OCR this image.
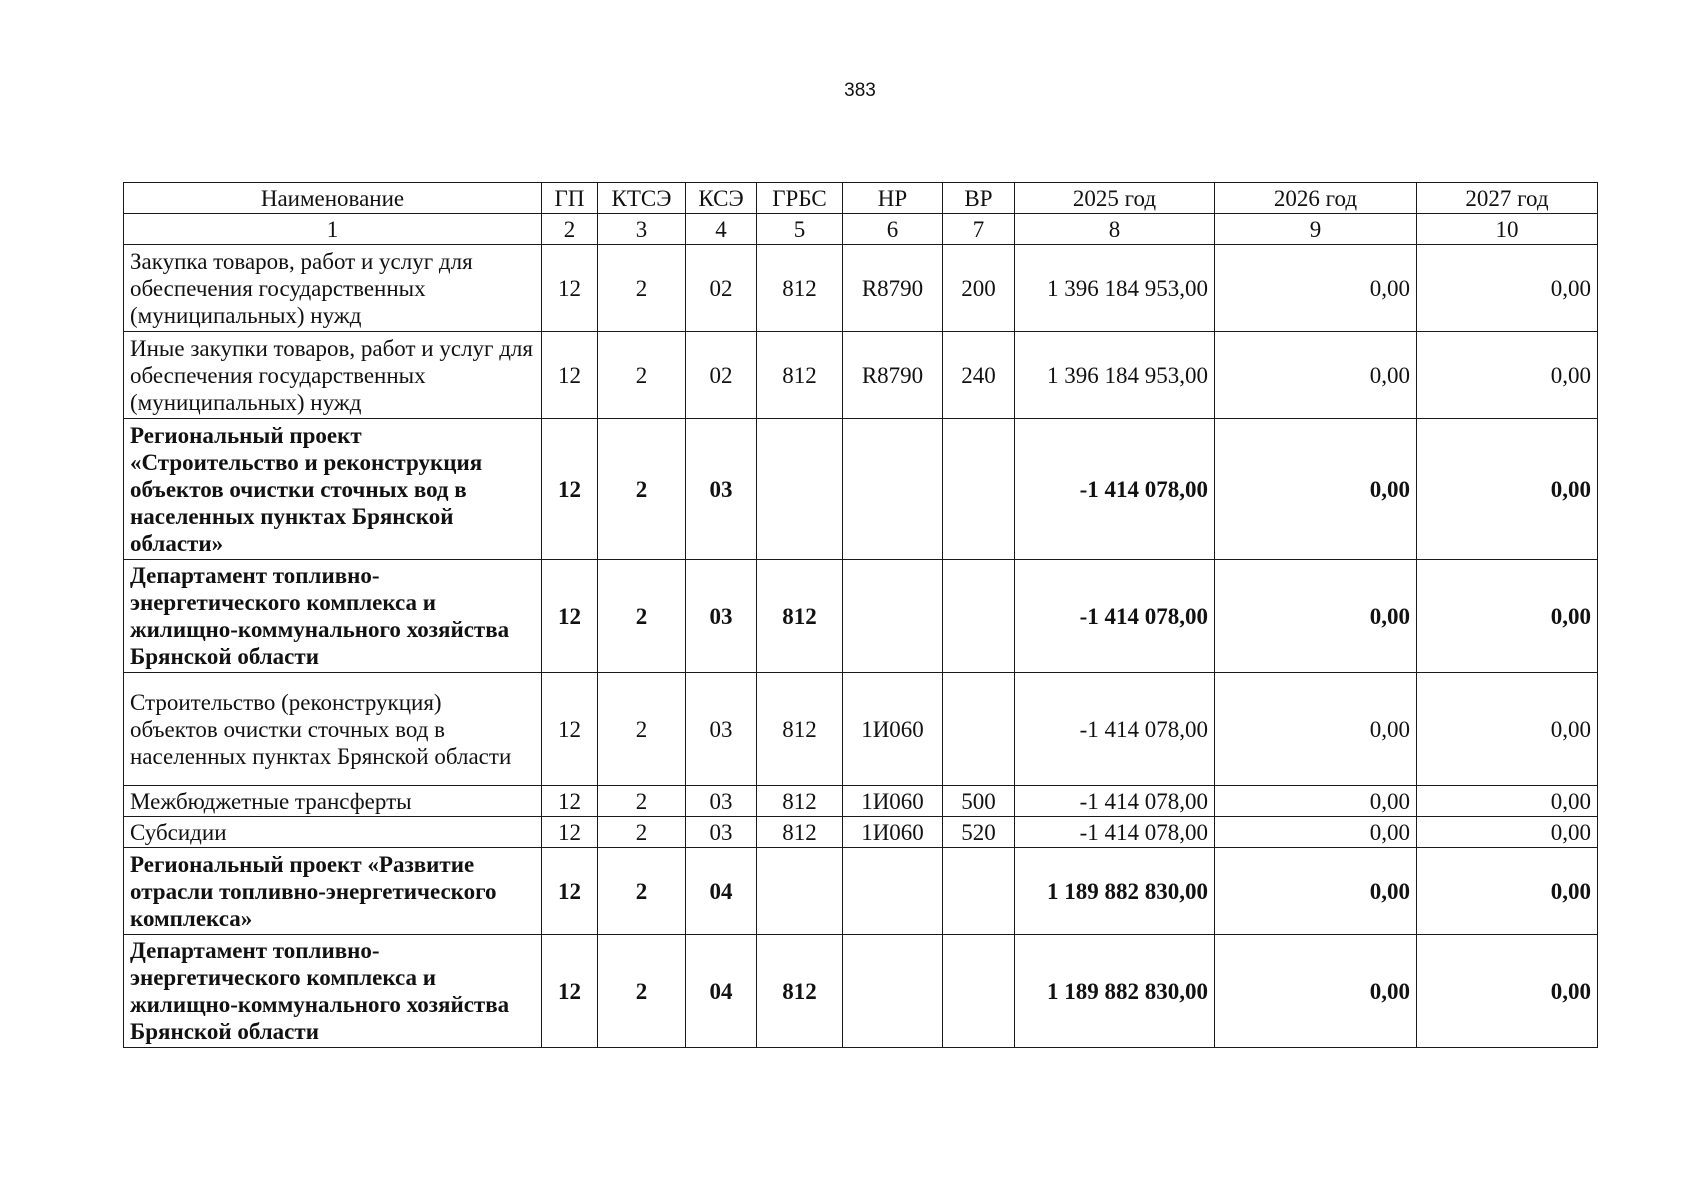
383
Наименование	ГП	КТСЭ	КСЭ	ГРБС	НР	ВР	2025 год	2026 год	2027 год
1	2	3	4	5	6	7	8	9	10
Закупка товаров, работ и услуг для обеспечения государственных (муниципальных) нужд	12	2	02	812	R8790	200	1 396 184 953,00	0,00	0,00
Иные закупки товаров, работ и услуг для обеспечения государственных (муниципальных) нужд	12	2	02	812	R8790	240	1 396 184 953,00	0,00	0,00
Региональный проект «Строительство и реконструкция объектов очистки сточных вод в населенных пунктах Брянской области»	12	2	03				-1 414 078,00	0,00	0,00
Департамент топливно-энергетического комплекса и жилищно-коммунального хозяйства Брянской области	12	2	03	812			-1 414 078,00	0,00	0,00
Строительство (реконструкция) объектов очистки сточных вод в населенных пунктах Брянской области	12	2	03	812	1И060		-1 414 078,00	0,00	0,00
Межбюджетные трансферты	12	2	03	812	1И060	500	-1 414 078,00	0,00	0,00
Субсидии	12	2	03	812	1И060	520	-1 414 078,00	0,00	0,00
Региональный проект «Развитие отрасли топливно-энергетического комплекса»	12	2	04				1 189 882 830,00	0,00	0,00
Департамент топливно-энергетического комплекса и жилищно-коммунального хозяйства Брянской области	12	2	04	812			1 189 882 830,00	0,00	0,00
